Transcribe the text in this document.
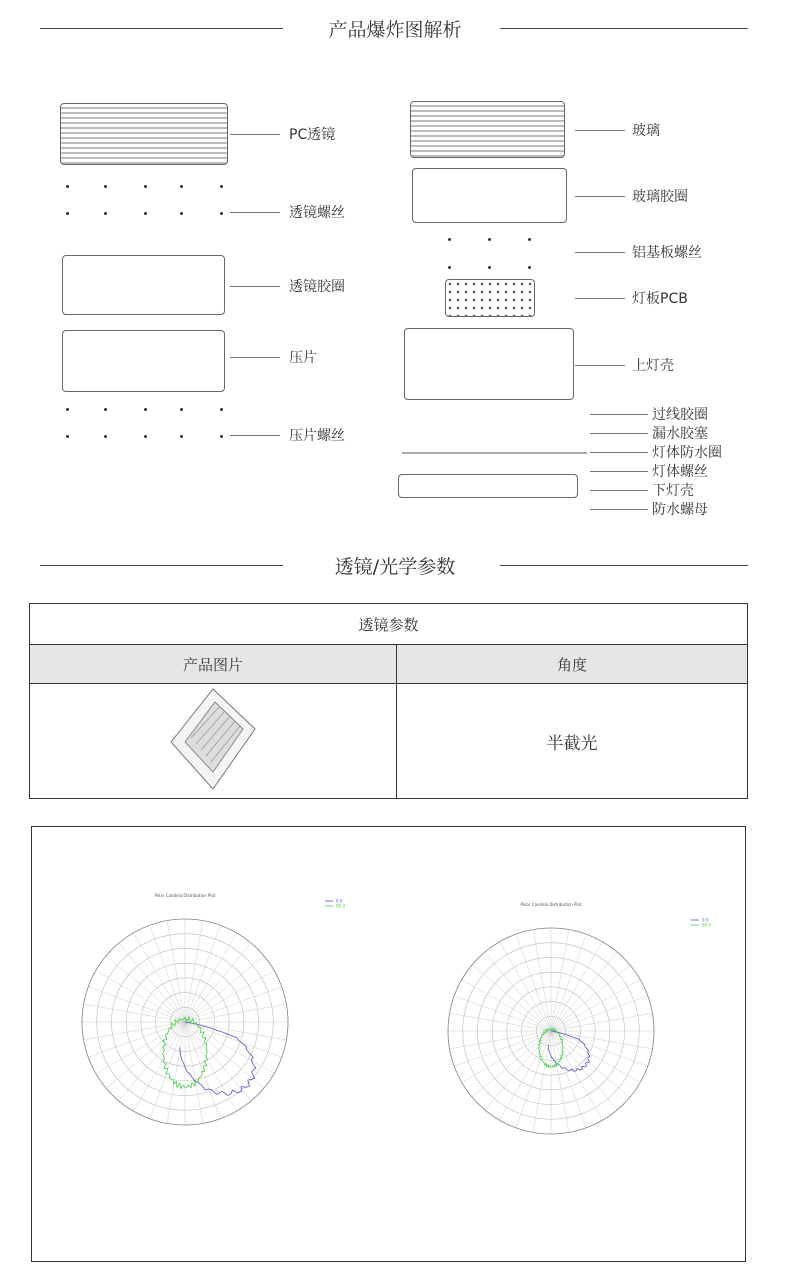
产品爆炸图解析
PC透镜
透镜螺丝
透镜胶圈
压片
压片螺丝
玻璃
玻璃胶圈
铝基板螺丝
灯板PCB
上灯壳
过线胶圈
漏水胶塞
灯体防水圈
灯体螺丝
下灯壳
防水螺母
透镜/光学参数
透镜参数	
产品图片	角度
	半截光
Polar Candela Distribution Plot
0.0
90.0	Polar Candela Distribution Plot
0.0
90.0
